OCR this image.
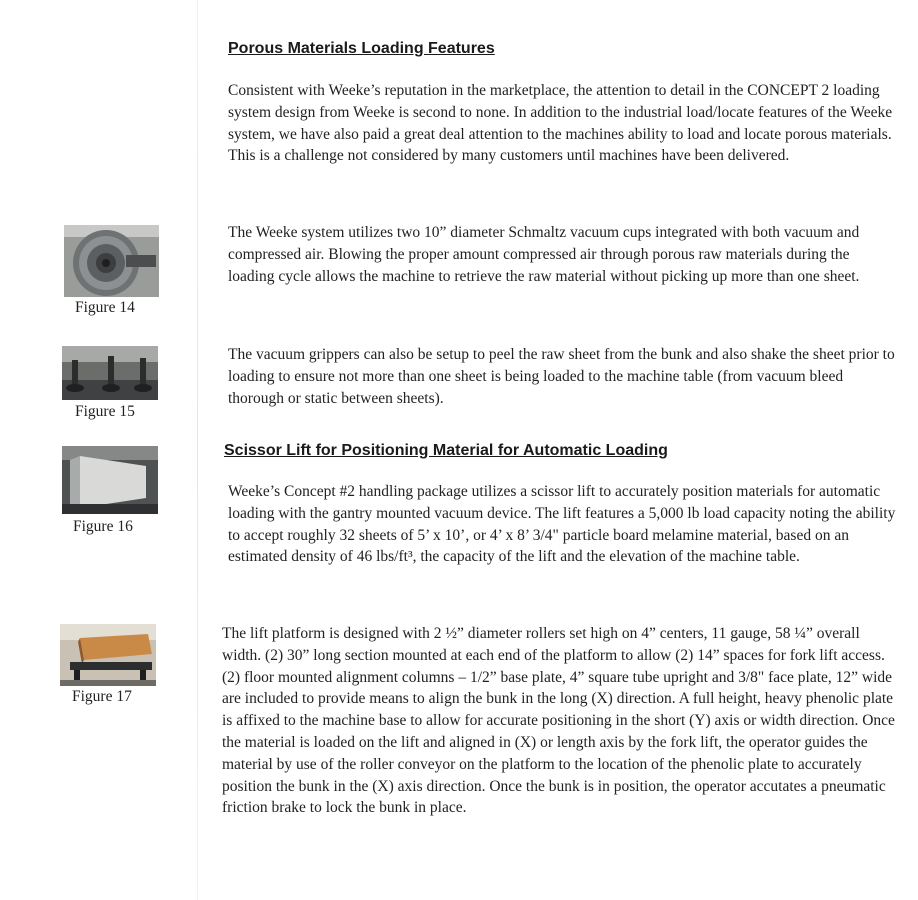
Porous Materials Loading Features

Consistent with Weeke’s reputation in the marketplace, the attention to detail in the CONCEPT 2 loading system design from Weeke is second to none. In addition to the industrial load/locate features of the Weeke system, we have also paid a great deal attention to the machines ability to load and locate porous materials. This is a challenge not considered by many customers until machines have been delivered.

The Weeke system utilizes two 10” diameter Schmaltz vacuum cups integrated with both vacuum and compressed air. Blowing the proper amount compressed air through porous raw materials during the loading cycle allows the machine to retrieve the raw material without picking up more than one sheet.

The vacuum grippers can also be setup to peel the raw sheet from the bunk and also shake the sheet prior to loading to ensure not more than one sheet is being loaded to the machine table (from vacuum bleed thorough or static between sheets).

Scissor Lift for Positioning Material for Automatic Loading

Weeke’s Concept #2 handling package utilizes a scissor lift to accurately position materials for automatic loading with the gantry mounted vacuum device. The lift features a 5,000 lb load capacity noting the ability to accept roughly 32 sheets of 5’ x 10’, or 4’ x 8’ 3/4" particle board melamine material, based on an estimated density of 46 lbs/ft³, the capacity of the lift and the elevation of the machine table.

The lift platform is designed with 2 ½” diameter rollers set high on 4” centers, 11 gauge, 58 ¼” overall width. (2) 30” long section mounted at each end of the platform to allow (2) 14” spaces for fork lift access. (2) floor mounted alignment columns – 1/2” base plate, 4” square tube upright and 3/8" face plate, 12” wide are included to provide means to align the bunk in the long (X) direction. A full height, heavy phenolic plate is affixed to the machine base to allow for accurate positioning in the short (Y) axis or width direction. Once the material is loaded on the lift and aligned in (X) or length axis by the fork lift, the operator guides the material by use of the roller conveyor on the platform to the location of the phenolic plate to accurately position the bunk in the (X) axis direction. Once the bunk is in position, the operator accutates a pneumatic friction brake to lock the bunk in place.

Figure 14
Figure 15
Figure 16
Figure 17
